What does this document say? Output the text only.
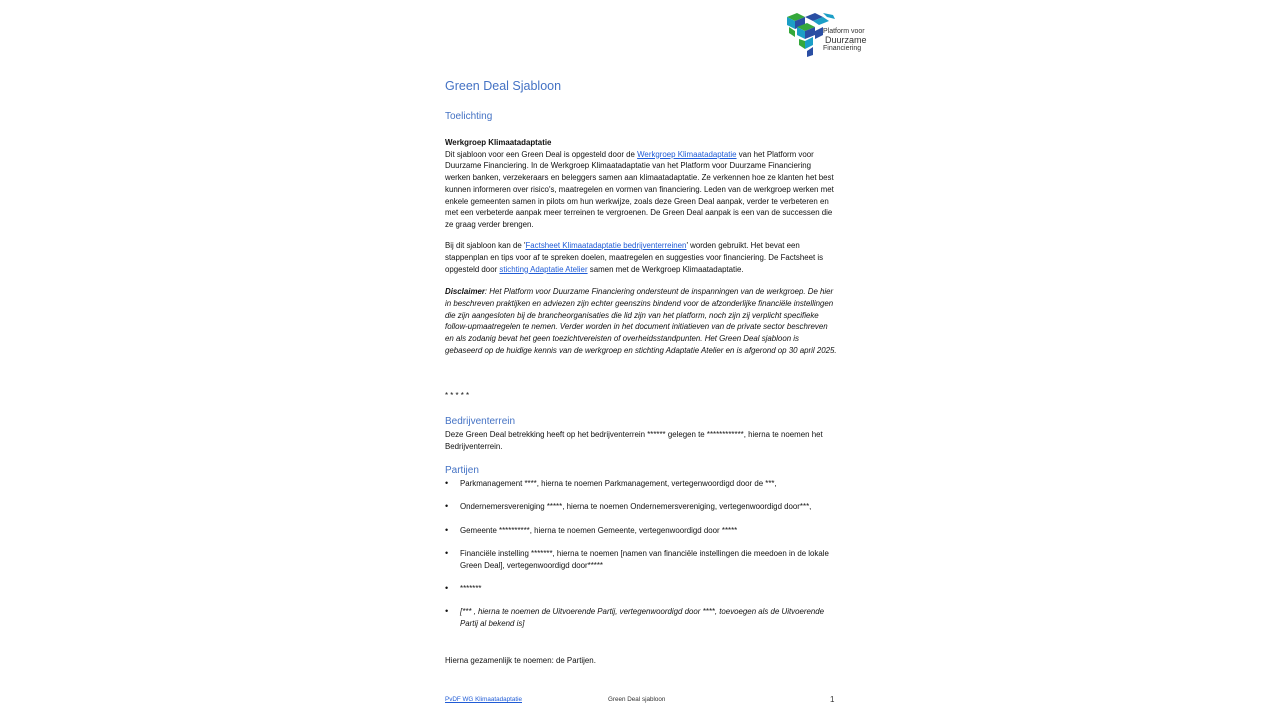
Platform voor
Duurzame
Financiering
Green Deal Sjabloon
Toelichting
Werkgroep Klimaatadaptatie
Dit sjabloon voor een Green Deal is opgesteld door de Werkgroep Klimaatadaptatie van het Platform voor Duurzame Financiering. In de Werkgroep Klimaatadaptatie van het Platform voor Duurzame Financiering werken banken, verzekeraars en beleggers samen aan klimaatadaptatie. Ze verkennen hoe ze klanten het best kunnen informeren over risico's, maatregelen en vormen van financiering. Leden van de werkgroep werken met enkele gemeenten samen in pilots om hun werkwijze, zoals deze Green Deal aanpak, verder te verbeteren en met een verbeterde aanpak meer terreinen te vergroenen. De Green Deal aanpak is een van de successen die ze graag verder brengen.
Bij dit sjabloon kan de 'Factsheet Klimaatadaptatie bedrijventerreinen' worden gebruikt. Het bevat een stappenplan en tips voor af te spreken doelen, maatregelen en suggesties voor financiering. De Factsheet is opgesteld door stichting Adaptatie Atelier samen met de Werkgroep Klimaatadaptatie.
Disclaimer: Het Platform voor Duurzame Financiering ondersteunt de inspanningen van de werkgroep. De hier in beschreven praktijken en adviezen zijn echter geenszins bindend voor de afzonderlijke financiële instellingen die zijn aangesloten bij de brancheorganisaties die lid zijn van het platform, noch zijn zij verplicht specifieke follow-upmaatregelen te nemen. Verder worden in het document initiatieven van de private sector beschreven en als zodanig bevat het geen toezichtvereisten of overheidsstandpunten. Het Green Deal sjabloon is gebaseerd op de huidige kennis van de werkgroep en stichting Adaptatie Atelier en is afgerond op 30 april 2025.
* * * * *
Bedrijventerrein
Deze Green Deal betrekking heeft op het bedrijventerrein ****** gelegen te ************, hierna te noemen het Bedrijventerrein.
Partijen
• Parkmanagement ****, hierna te noemen Parkmanagement, vertegenwoordigd door de ***,
• Ondernemersvereniging *****, hierna te noemen Ondernemersvereniging, vertegenwoordigd door***,
• Gemeente **********, hierna te noemen Gemeente, vertegenwoordigd door *****
• Financiële instelling *******, hierna te noemen [namen van financiële instellingen die meedoen in de lokale Green Deal], vertegenwoordigd door*****
• *******
• [*** , hierna te noemen de Uitvoerende Partij, vertegenwoordigd door ****, toevoegen als de Uitvoerende Partij al bekend is]
Hierna gezamenlijk te noemen: de Partijen.
PvDF WG Klimaatadaptatie	Green Deal sjabloon	1
